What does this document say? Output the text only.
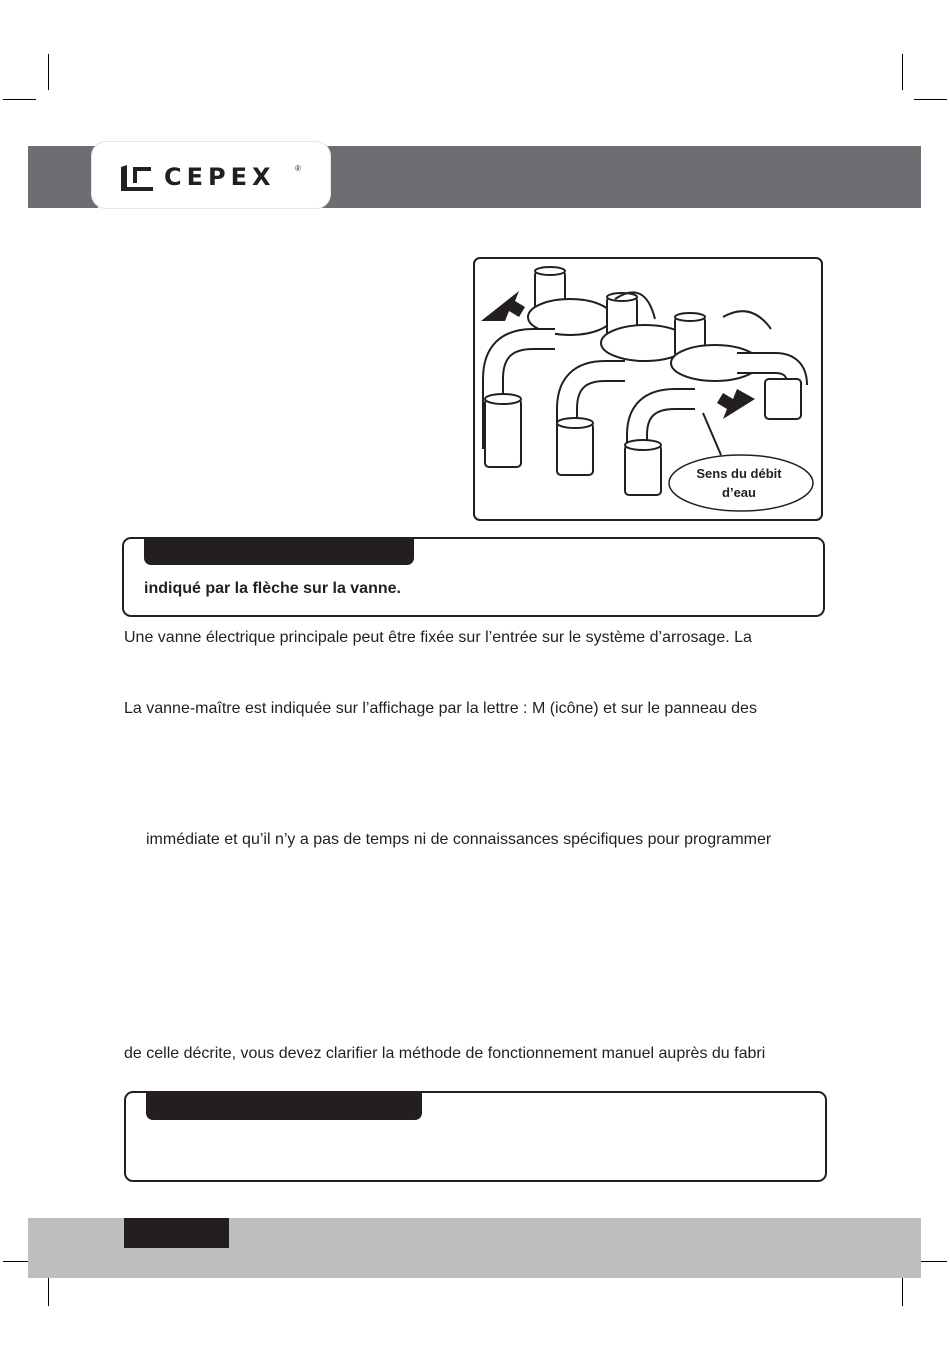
CEPEX ®
Sens du débit
d’eau
indiqué par la flèche sur la vanne.
Une vanne électrique principale peut être fixée sur l’entrée sur le système d’arrosage. La
La vanne-maître est indiquée sur l’affichage par la lettre : M (icône) et sur le panneau des
immédiate et qu’il n’y a pas de temps ni de connaissances spécifiques pour programmer
de celle décrite, vous devez clarifier la méthode de fonctionnement manuel auprès du fabri
